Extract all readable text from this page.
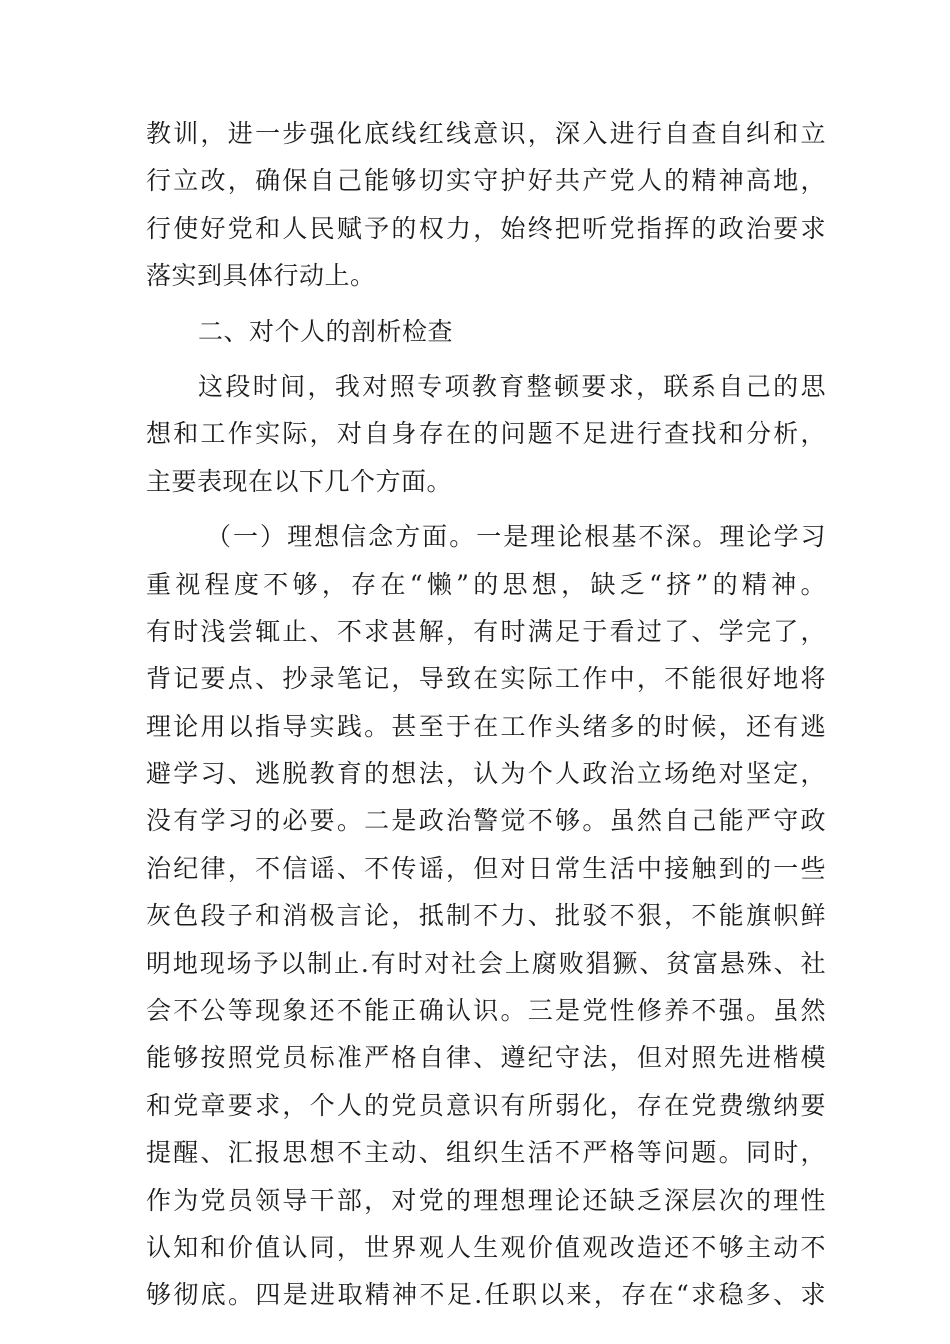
教训，进一步强化底线红线意识，深入进行自查自纠和立
行立改，确保自己能够切实守护好共产党人的精神高地，
行使好党和人民赋予的权力，始终把听党指挥的政治要求
落实到具体行动上。
二、对个人的剖析检查
这段时间，我对照专项教育整顿要求，联系自己的思
想和工作实际，对自身存在的问题不足进行查找和分析，
主要表现在以下几个方面。
（一）理想信念方面。一是理论根基不深。理论学习
重视程度不够，存在“懒”的思想，缺乏“挤”的精神。
有时浅尝辄止、不求甚解，有时满足于看过了、学完了，
背记要点、抄录笔记，导致在实际工作中，不能很好地将
理论用以指导实践。甚至于在工作头绪多的时候，还有逃
避学习、逃脱教育的想法，认为个人政治立场绝对坚定，
没有学习的必要。二是政治警觉不够。虽然自己能严守政
治纪律，不信谣、不传谣，但对日常生活中接触到的一些
灰色段子和消极言论，抵制不力、批驳不狠，不能旗帜鲜
明地现场予以制止.有时对社会上腐败猖獗、贫富悬殊、社
会不公等现象还不能正确认识。三是党性修养不强。虽然
能够按照党员标准严格自律、遵纪守法，但对照先进楷模
和党章要求，个人的党员意识有所弱化，存在党费缴纳要
提醒、汇报思想不主动、组织生活不严格等问题。同时，
作为党员领导干部，对党的理想理论还缺乏深层次的理性
认知和价值认同，世界观人生观价值观改造还不够主动不
够彻底。四是进取精神不足.任职以来，存在“求稳多、求
